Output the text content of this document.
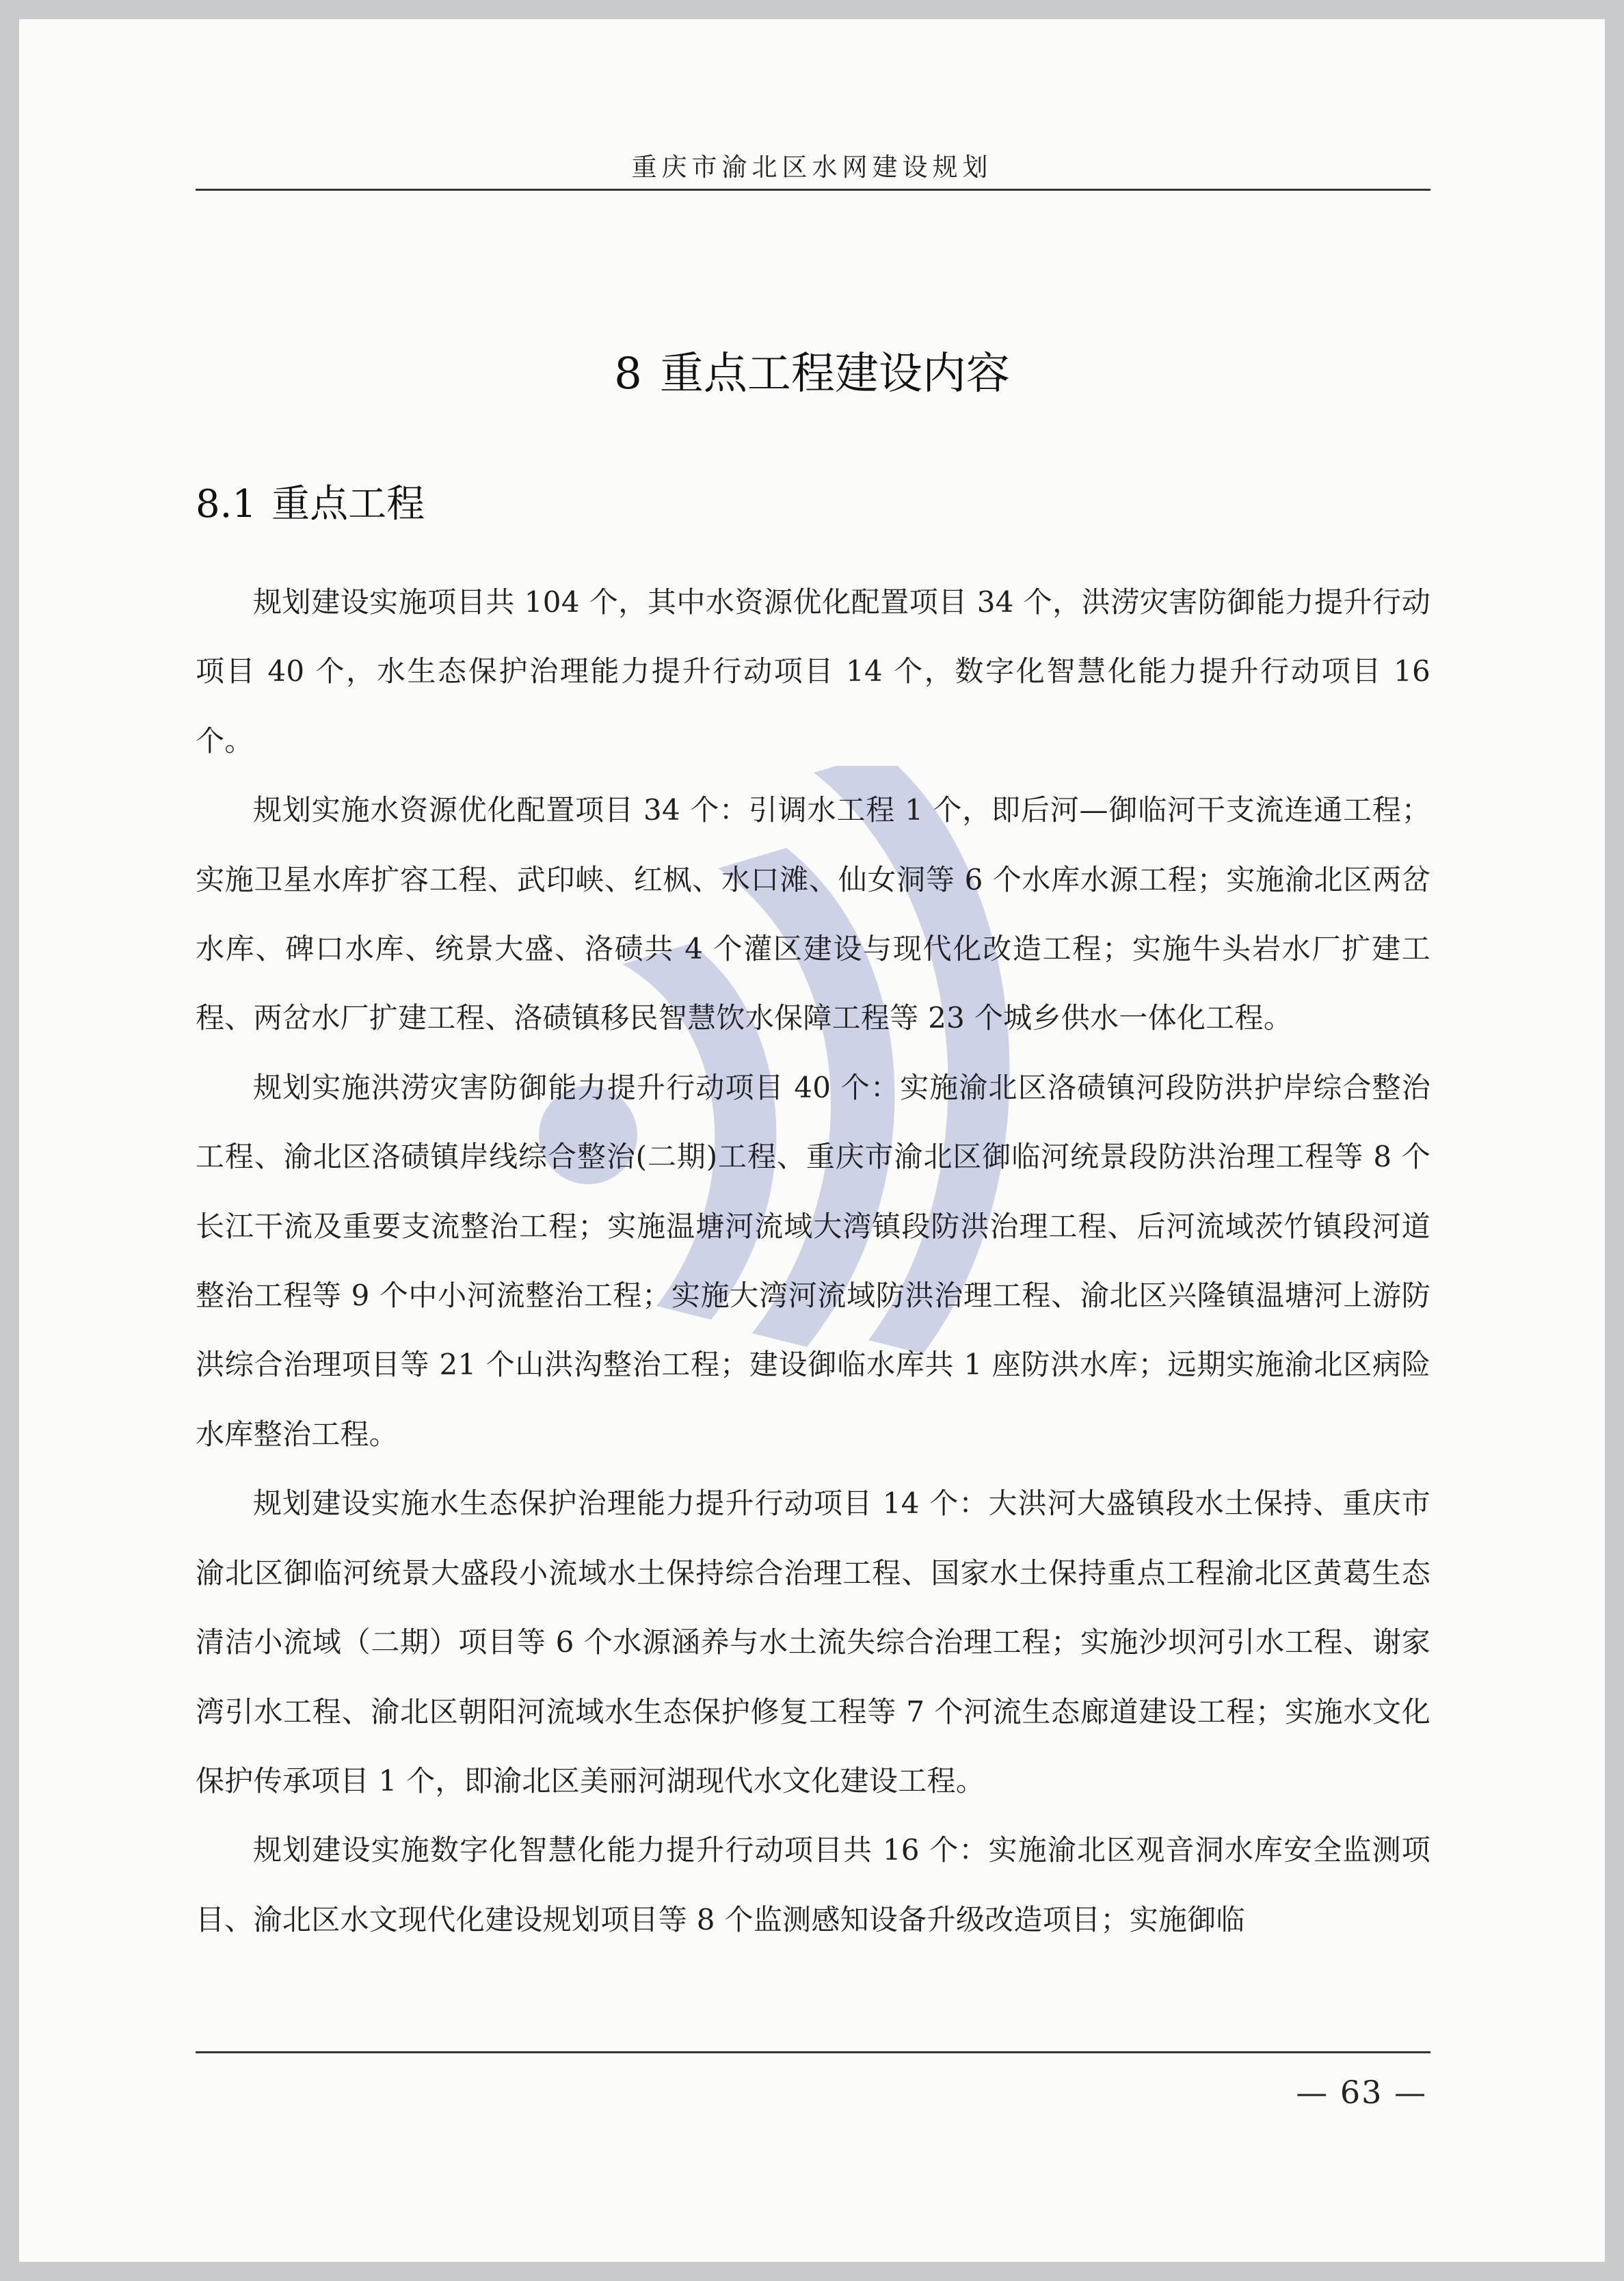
重庆市渝北区水网建设规划
8 重点工程建设内容
8.1 重点工程

规划建设实施项目共 104 个，其中水资源优化配置项目 34 个，洪涝灾害防御能力提升行动项目 40 个，水生态保护治理能力提升行动项目 14 个，数字化智慧化能力提升行动项目 16 个。

规划实施水资源优化配置项目 34 个：引调水工程 1 个，即后河—御临河干支流连通工程；实施卫星水库扩容工程、武印峡、红枫、水口滩、仙女洞等 6 个水库水源工程；实施渝北区两岔水库、碑口水库、统景大盛、洛碛共 4 个灌区建设与现代化改造工程；实施牛头岩水厂扩建工程、两岔水厂扩建工程、洛碛镇移民智慧饮水保障工程等 23 个城乡供水一体化工程。

规划实施洪涝灾害防御能力提升行动项目 40 个：实施渝北区洛碛镇河段防洪护岸综合整治工程、渝北区洛碛镇岸线综合整治(二期)工程、重庆市渝北区御临河统景段防洪治理工程等 8 个长江干流及重要支流整治工程；实施温塘河流域大湾镇段防洪治理工程、后河流域茨竹镇段河道整治工程等 9 个中小河流整治工程；实施大湾河流域防洪治理工程、渝北区兴隆镇温塘河上游防洪综合治理项目等 21 个山洪沟整治工程；建设御临水库共 1 座防洪水库；远期实施渝北区病险水库整治工程。

规划建设实施水生态保护治理能力提升行动项目 14 个：大洪河大盛镇段水土保持、重庆市渝北区御临河统景大盛段小流域水土保持综合治理工程、国家水土保持重点工程渝北区黄葛生态清洁小流域（二期）项目等 6 个水源涵养与水土流失综合治理工程；实施沙坝河引水工程、谢家湾引水工程、渝北区朝阳河流域水生态保护修复工程等 7 个河流生态廊道建设工程；实施水文化保护传承项目 1 个，即渝北区美丽河湖现代水文化建设工程。

规划建设实施数字化智慧化能力提升行动项目共 16 个：实施渝北区观音洞水库安全监测项目、渝北区水文现代化建设规划项目等 8 个监测感知设备升级改造项目；实施御临

— 63 —
